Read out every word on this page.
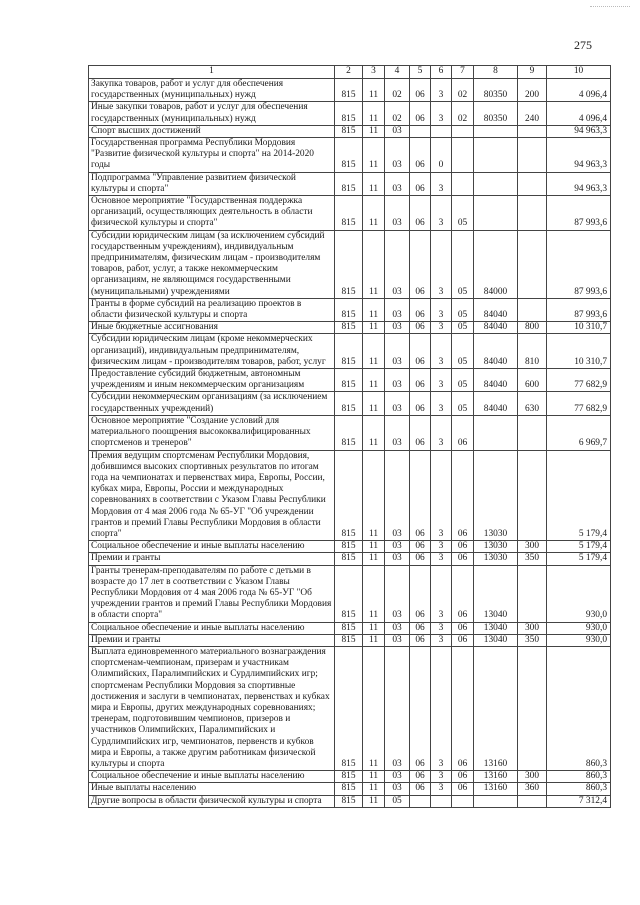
275
1	2	3	4	5	6	7	8	9	10
Закупка товаров, работ и услуг для обеспечения государственных (муниципальных) нужд	815	11	02	06	3	02	80350	200	4 096,4
Иные закупки товаров, работ и услуг для обеспечения государственных (муниципальных) нужд	815	11	02	06	3	02	80350	240	4 096,4
Спорт высших достижений	815	11	03						94 963,3
Государственная программа Республики Мордовия "Развитие физической культуры и спорта" на 2014-2020 годы	815	11	03	06	0				94 963,3
Подпрограмма "Управление развитием физической культуры и спорта"	815	11	03	06	3				94 963,3
Основное мероприятие "Государственная поддержка организаций, осуществляющих деятельность в области физической культуры и спорта"	815	11	03	06	3	05			87 993,6
Субсидии юридическим лицам (за исключением субсидий государственным учреждениям), индивидуальным предпринимателям, физическим лицам - производителям товаров, работ, услуг, а также некоммерческим организациям, не являющимся государственными (муниципальными) учреждениями	815	11	03	06	3	05	84000		87 993,6
Гранты в форме субсидий на реализацию проектов в области физической культуры и спорта	815	11	03	06	3	05	84040		87 993,6
Иные бюджетные ассигнования	815	11	03	06	3	05	84040	800	10 310,7
Субсидии юридическим лицам (кроме некоммерческих организаций), индивидуальным предпринимателям, физическим лицам - производителям товаров, работ, услуг	815	11	03	06	3	05	84040	810	10 310,7
Предоставление субсидий бюджетным, автономным учреждениям и иным некоммерческим организациям	815	11	03	06	3	05	84040	600	77 682,9
Субсидии некоммерческим организациям (за исключением государственных учреждений)	815	11	03	06	3	05	84040	630	77 682,9
Основное мероприятие "Создание условий для материального поощрения высококвалифицированных спортсменов и тренеров"	815	11	03	06	3	06			6 969,7
Премия ведущим спортсменам Республики Мордовия, добившимся высоких спортивных результатов по итогам года на чемпионатах и первенствах мира, Европы, России, кубках мира, Европы, России и международных соревнованиях в соответствии с Указом Главы Республики Мордовия от 4 мая 2006 года № 65-УГ "Об учреждении грантов и премий Главы Республики Мордовия в области спорта"	815	11	03	06	3	06	13030		5 179,4
Социальное обеспечение и иные выплаты населению	815	11	03	06	3	06	13030	300	5 179,4
Премии и гранты	815	11	03	06	3	06	13030	350	5 179,4
Гранты тренерам-преподавателям по работе с детьми в возрасте до 17 лет в соответствии с Указом Главы Республики Мордовия от 4 мая 2006 года № 65-УГ "Об учреждении грантов и премий Главы Республики Мордовия в области спорта"	815	11	03	06	3	06	13040		930,0
Социальное обеспечение и иные выплаты населению	815	11	03	06	3	06	13040	300	930,0
Премии и гранты	815	11	03	06	3	06	13040	350	930,0
Выплата единовременного материального вознаграждения спортсменам-чемпионам, призерам и участникам Олимпийских, Паралимпийских и Сурдлимпийских игр; спортсменам Республики Мордовия за спортивные достижения и заслуги в чемпионатах, первенствах и кубках мира и Европы, других международных соревнованиях; тренерам, подготовившим чемпионов, призеров и участников Олимпийских, Паралимпийских и Сурдлимпийских игр, чемпионатов, первенств и кубков мира и Европы, а также другим работникам физической культуры и спорта	815	11	03	06	3	06	13160		860,3
Социальное обеспечение и иные выплаты населению	815	11	03	06	3	06	13160	300	860,3
Иные выплаты населению	815	11	03	06	3	06	13160	360	860,3
Другие вопросы в области физической культуры и спорта	815	11	05						7 312,4
